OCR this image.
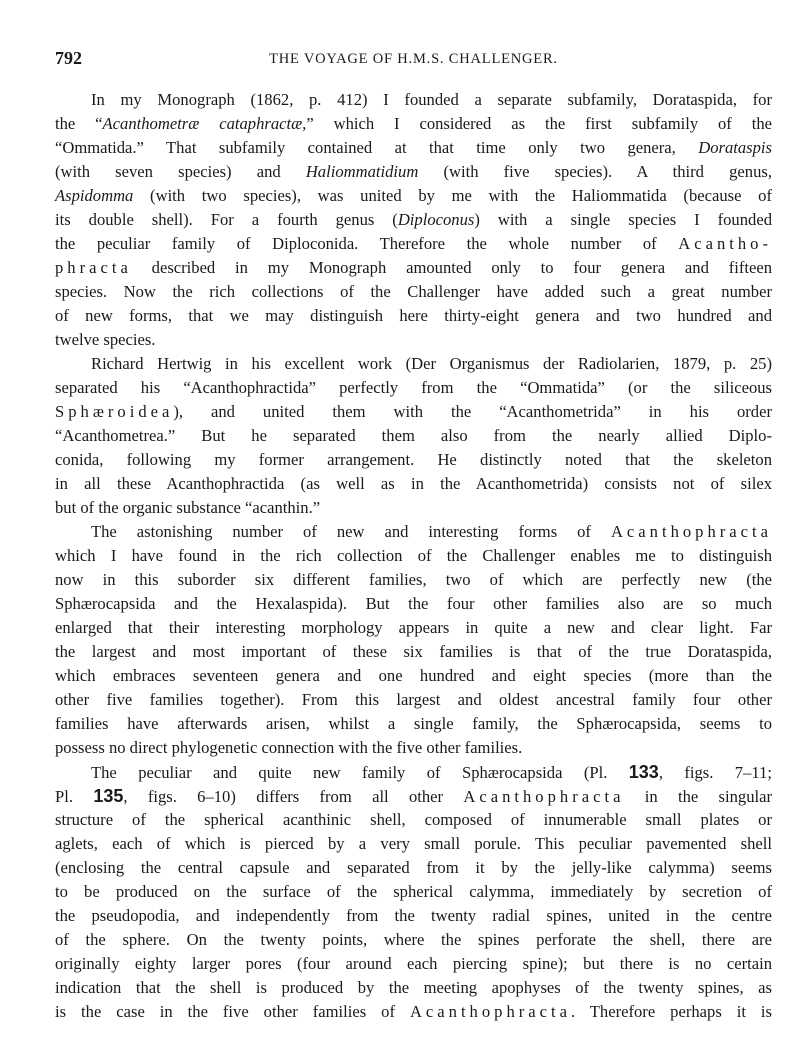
792	THE VOYAGE OF H.M.S. CHALLENGER.
In my Monograph (1862, p. 412) I founded a separate subfamily, Dorataspida, for
the “Acanthometræ cataphractæ,” which I considered as the first subfamily of the
“Ommatida.” That subfamily contained at that time only two genera, Dorataspis
(with seven species) and Haliommatidium (with five species). A third genus,
Aspidomma (with two species), was united by me with the Haliommatida (because of
its double shell). For a fourth genus (Diploconus) with a single species I founded
the peculiar family of Diploconida. Therefore the whole number of Acantho-
phracta described in my Monograph amounted only to four genera and fifteen
species. Now the rich collections of the Challenger have added such a great number
of new forms, that we may distinguish here thirty-eight genera and two hundred and
twelve species.
Richard Hertwig in his excellent work (Der Organismus der Radiolarien, 1879, p. 25)
separated his “Acanthophractida” perfectly from the “Ommatida” (or the siliceous
Sphæroidea), and united them with the “Acanthometrida” in his order
“Acanthometrea.” But he separated them also from the nearly allied Diplo-
conida, following my former arrangement. He distinctly noted that the skeleton
in all these Acanthophractida (as well as in the Acanthometrida) consists not of silex
but of the organic substance “acanthin.”
The astonishing number of new and interesting forms of Acanthophracta
which I have found in the rich collection of the Challenger enables me to distinguish
now in this suborder six different families, two of which are perfectly new (the
Sphærocapsida and the Hexalaspida). But the four other families also are so much
enlarged that their interesting morphology appears in quite a new and clear light. Far
the largest and most important of these six families is that of the true Dorataspida,
which embraces seventeen genera and one hundred and eight species (more than the
other five families together). From this largest and oldest ancestral family four other
families have afterwards arisen, whilst a single family, the Sphærocapsida, seems to
possess no direct phylogenetic connection with the five other families.
The peculiar and quite new family of Sphærocapsida (Pl. 133, figs. 7–11;
Pl. 135, figs. 6–10) differs from all other Acanthophracta in the singular
structure of the spherical acanthinic shell, composed of innumerable small plates or
aglets, each of which is pierced by a very small porule. This peculiar pavemented shell
(enclosing the central capsule and separated from it by the jelly-like calymma) seems
to be produced on the surface of the spherical calymma, immediately by secretion of
the pseudopodia, and independently from the twenty radial spines, united in the centre
of the sphere. On the twenty points, where the spines perforate the shell, there are
originally eighty larger pores (four around each piercing spine); but there is no certain
indication that the shell is produced by the meeting apophyses of the twenty spines, as
is the case in the five other families of Acanthophracta. Therefore perhaps it is
